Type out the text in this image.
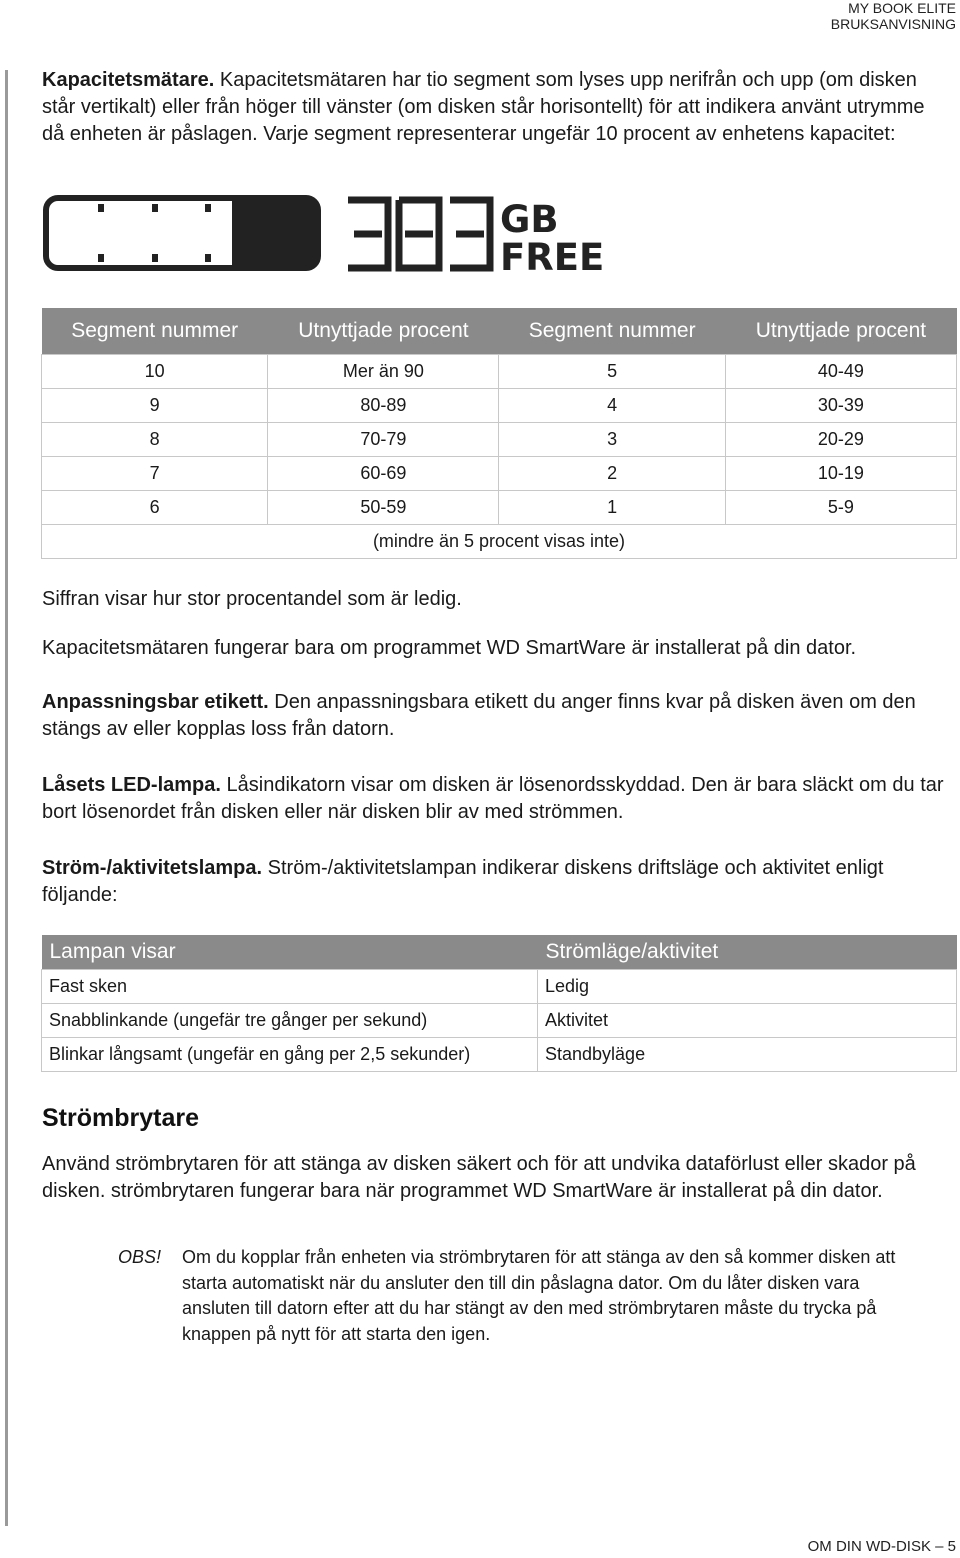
MY BOOK ELITE
BRUKSANVISNING
Kapacitetsmätare. Kapacitetsmätaren har tio segment som lyses upp nerifrån och upp (om disken står vertikalt) eller från höger till vänster (om disken står horisontellt) för att indikera använt utrymme då enheten är påslagen. Varje segment representerar ungefär 10 procent av enhetens kapacitet:
GB
FREE
Segment nummer	Utnyttjade procent	Segment nummer	Utnyttjade procent
10	Mer än 90	5	40-49
9	80-89	4	30-39
8	70-79	3	20-29
7	60-69	2	10-19
6	50-59	1	5-9
(mindre än 5 procent visas inte)			
Siffran visar hur stor procentandel som är ledig.
Kapacitetsmätaren fungerar bara om programmet WD SmartWare är installerat på din dator.
Anpassningsbar etikett. Den anpassningsbara etikett du anger finns kvar på disken även om den stängs av eller kopplas loss från datorn.
Låsets LED-lampa. Låsindikatorn visar om disken är lösenordsskyddad. Den är bara släckt om du tar bort lösenordet från disken eller när disken blir av med strömmen.
Ström-/aktivitetslampa. Ström-/aktivitetslampan indikerar diskens driftsläge och aktivitet enligt följande:
Lampan visar	Strömläge/aktivitet
Fast sken	Ledig
Snabblinkande (ungefär tre gånger per sekund)	Aktivitet
Blinkar långsamt (ungefär en gång per 2,5 sekunder)	Standbyläge
Strömbrytare
Använd strömbrytaren för att stänga av disken säkert och för att undvika dataförlust eller skador på disken. strömbrytaren fungerar bara när programmet WD SmartWare är installerat på din dator.
OBS! Om du kopplar från enheten via strömbrytaren för att stänga av den så kommer disken att starta automatiskt när du ansluter den till din påslagna dator. Om du låter disken vara ansluten till datorn efter att du har stängt av den med strömbrytaren måste du trycka på knappen på nytt för att starta den igen.
OM DIN WD-DISK – 5
